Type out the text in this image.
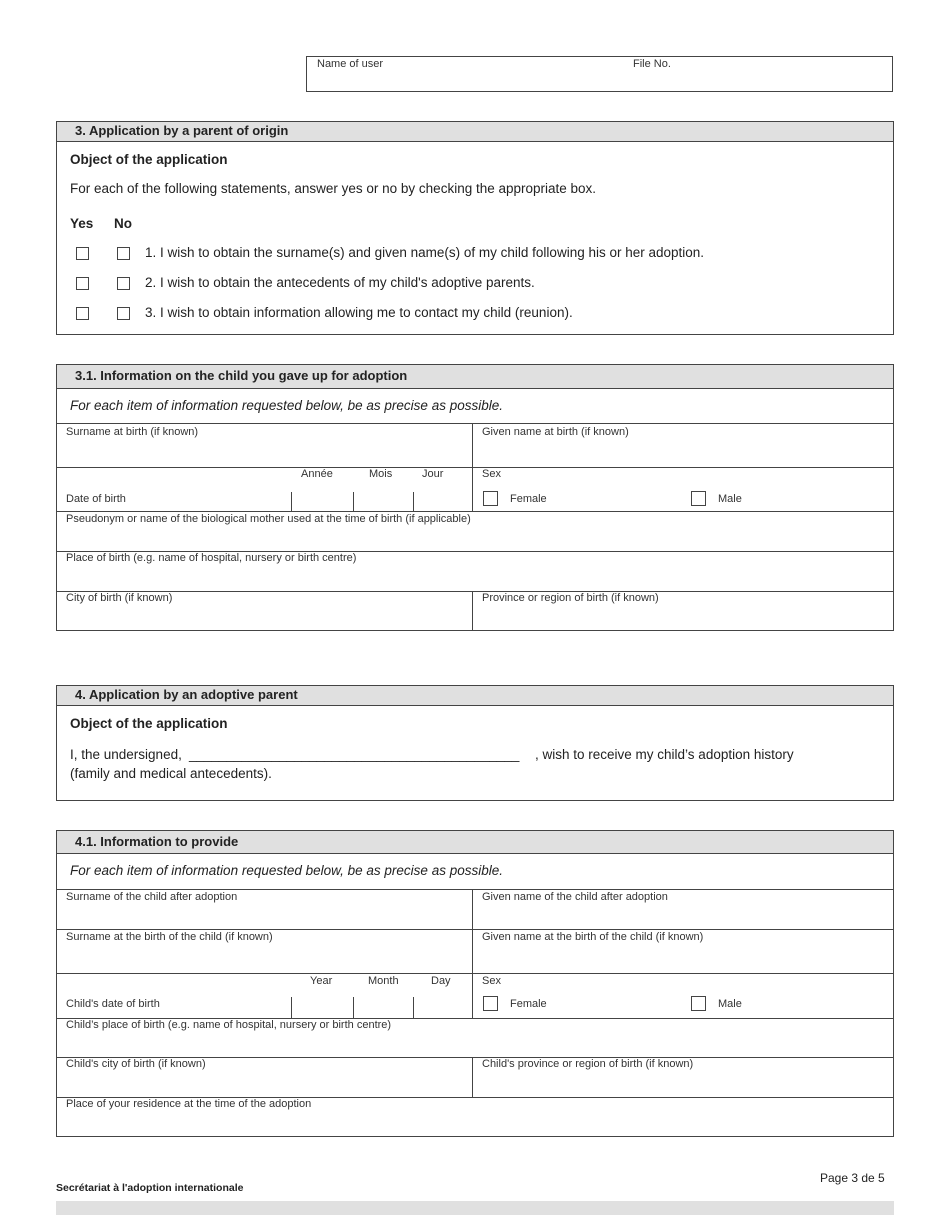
Name of user	File No.
3. Application by a parent of origin
Object of the application
For each of the following statements, answer yes or no by checking the appropriate box.
Yes No
1. I wish to obtain the surname(s) and given name(s) of my child following his or her adoption.
2. I wish to obtain the antecedents of my child's adoptive parents.
3. I wish to obtain information allowing me to contact my child (reunion).
3.1. Information on the child you gave up for adoption
For each item of information requested below, be as precise as possible.
Surname at birth (if known)	Given name at birth (if known)
Année	Mois	Jour
Date of birth
Sex
Female	Male
Pseudonym or name of the biological mother used at the time of birth (if applicable)
Place of birth (e.g. name of hospital, nursery or birth centre)
City of birth (if known)	Province or region of birth (if known)
4. Application by an adoptive parent
Object of the application
I, the undersigned, ____________________________________________ , wish to receive my child’s adoption history
(family and medical antecedents).
4.1. Information to provide
For each item of information requested below, be as precise as possible.
Surname of the child after adoption	Given name of the child after adoption
Surname at the birth of the child (if known)	Given name at the birth of the child (if known)
Year	Month	Day
Child's date of birth
Sex
Female	Male
Child’s place of birth (e.g. name of hospital, nursery or birth centre)
Child's city of birth (if known)	Child's province or region of birth (if known)
Place of your residence at the time of the adoption
Page 3 de 5
Secrétariat à l'adoption internationale
